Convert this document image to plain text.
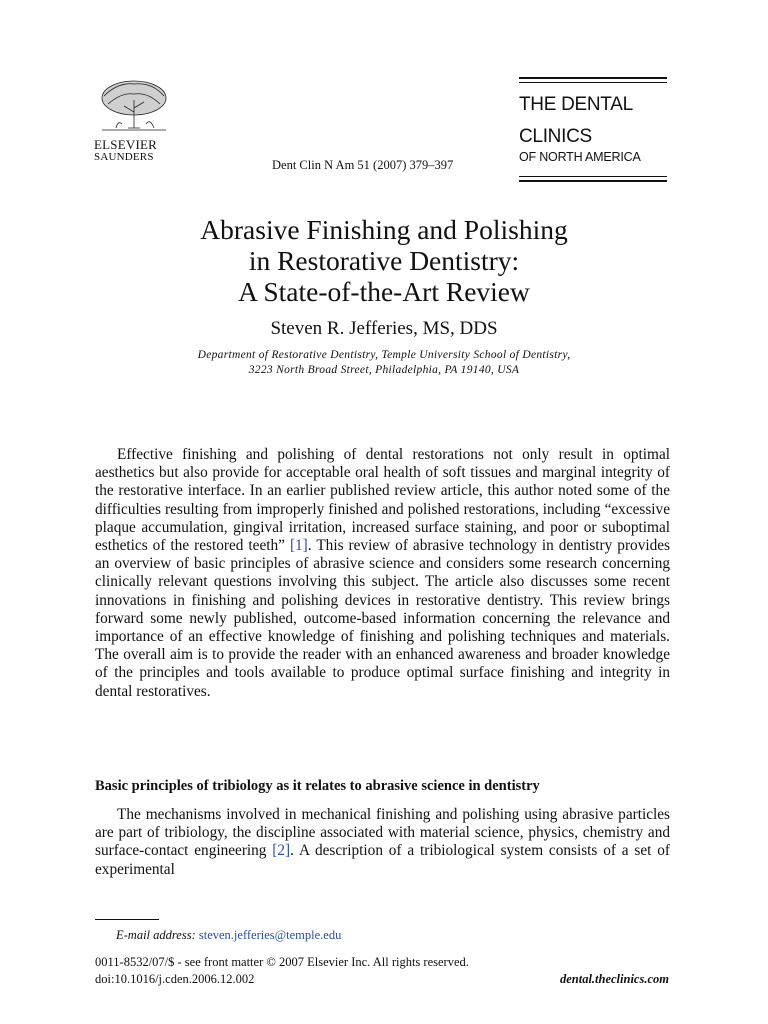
ELSEVIER
SAUNDERS
Dent Clin N Am 51 (2007) 379–397
THE DENTAL
CLINICS
OF NORTH AMERICA
Abrasive Finishing and Polishing
in Restorative Dentistry:
A State-of-the-Art Review
Steven R. Jefferies, MS, DDS
Department of Restorative Dentistry, Temple University School of Dentistry,
3223 North Broad Street, Philadelphia, PA 19140, USA

Effective finishing and polishing of dental restorations not only result in optimal aesthetics but also provide for acceptable oral health of soft tissues and marginal integrity of the restorative interface. In an earlier published review article, this author noted some of the difficulties resulting from improperly finished and polished restorations, including “excessive plaque accumulation, gingival irritation, increased surface staining, and poor or suboptimal esthetics of the restored teeth” [1]. This review of abrasive technology in dentistry provides an overview of basic principles of abrasive science and considers some research concerning clinically relevant questions involving this subject. The article also discusses some recent innovations in finishing and polishing devices in restorative dentistry. This review brings forward some newly published, outcome-based information concerning the relevance and importance of an effective knowledge of finishing and polishing techniques and materials. The overall aim is to provide the reader with an enhanced awareness and broader knowledge of the principles and tools available to produce optimal surface finishing and integrity in dental restoratives.

Basic principles of tribiology as it relates to abrasive science in dentistry

The mechanisms involved in mechanical finishing and polishing using abrasive particles are part of tribiology, the discipline associated with material science, physics, chemistry and surface-contact engineering [2]. A description of a tribiological system consists of a set of experimental

E-mail address: steven.jefferies@temple.edu
0011-8532/07/$ - see front matter © 2007 Elsevier Inc. All rights reserved.
doi:10.1016/j.cden.2006.12.002	dental.theclinics.com
